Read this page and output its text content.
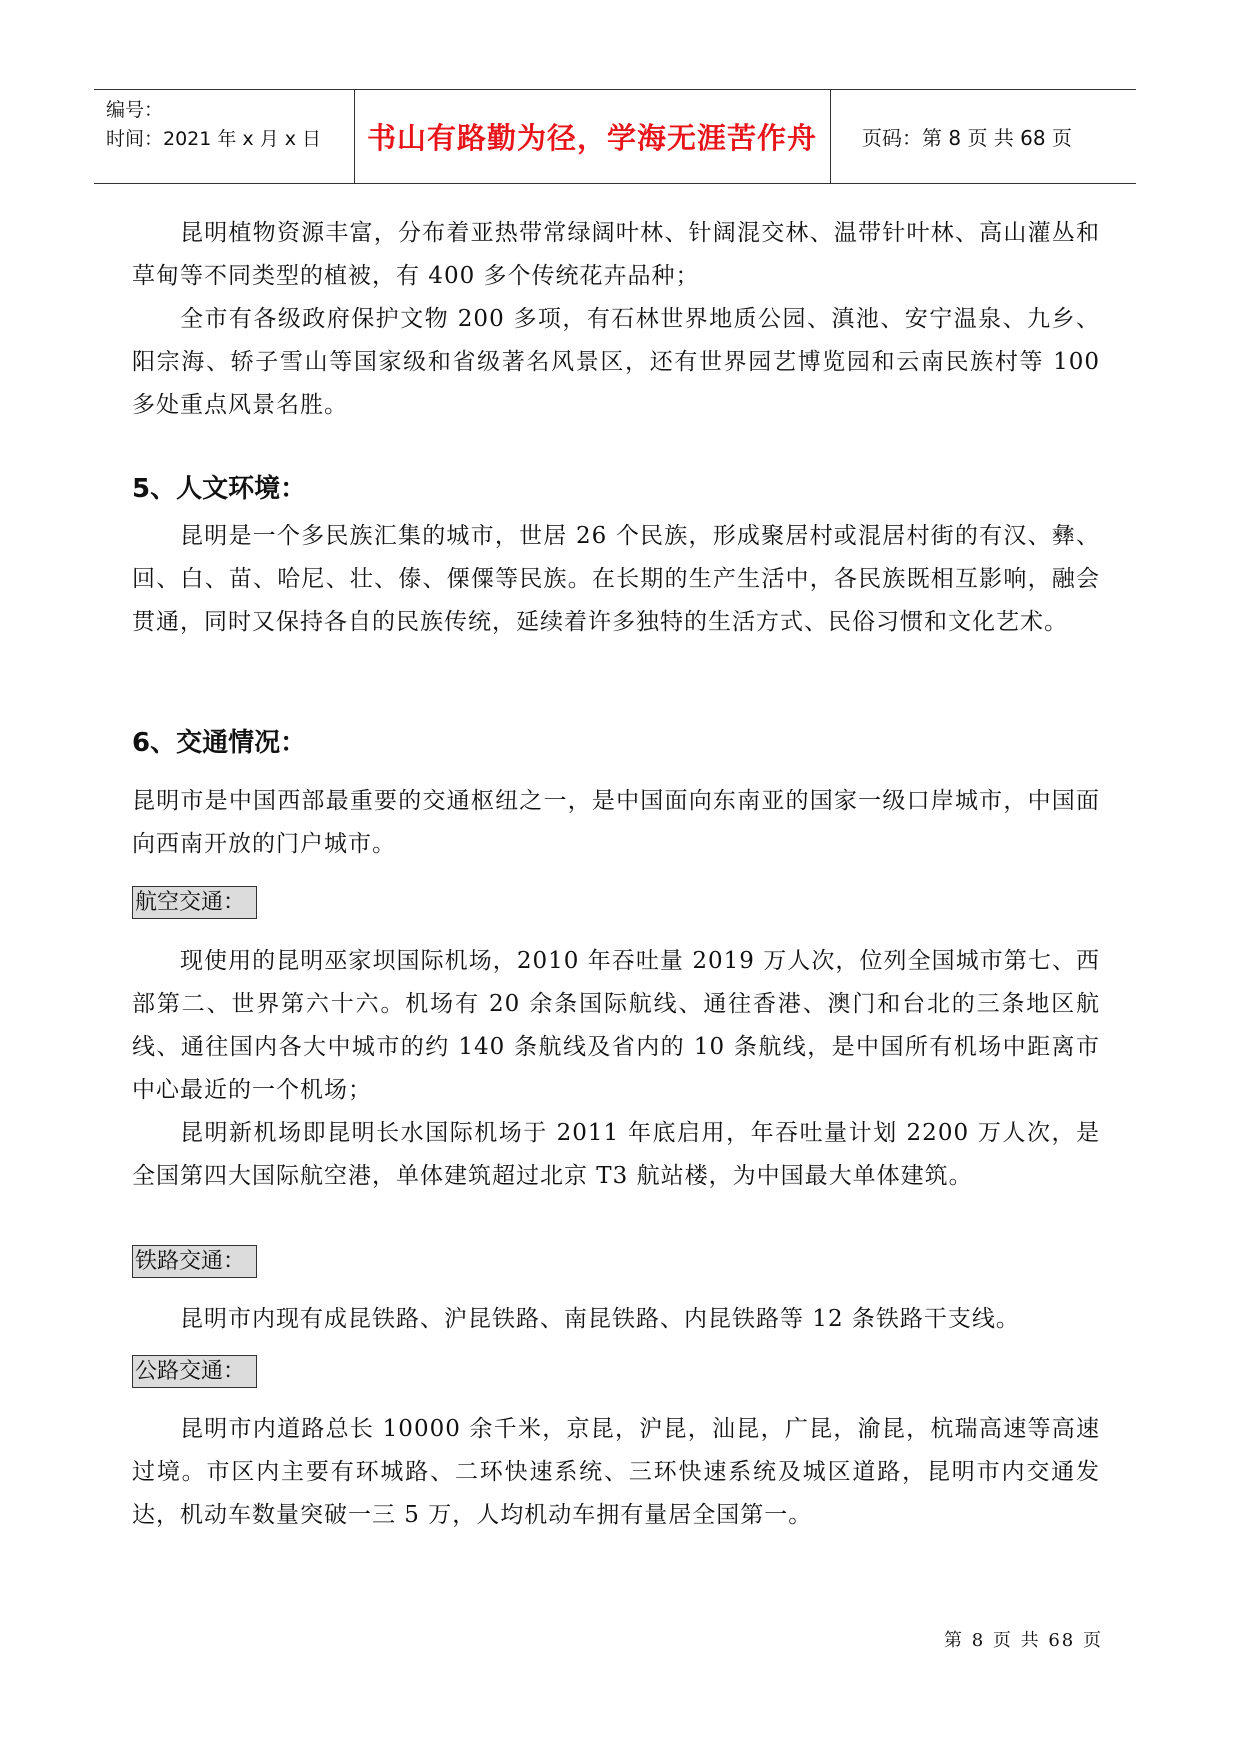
编号：
时间：2021 年 x 月 x 日	书山有路勤为径，学海无涯苦作舟	页码：第 8 页 共 68 页

昆明植物资源丰富，分布着亚热带常绿阔叶林、针阔混交林、温带针叶林、高山灌丛和草甸等不同类型的植被，有 400 多个传统花卉品种；

全市有各级政府保护文物 200 多项，有石林世界地质公园、滇池、安宁温泉、九乡、阳宗海、轿子雪山等国家级和省级著名风景区，还有世界园艺博览园和云南民族村等 100 多处重点风景名胜。

5、人文环境：

昆明是一个多民族汇集的城市，世居 26 个民族，形成聚居村或混居村街的有汉、彝、回、白、苗、哈尼、壮、傣、傈僳等民族。在长期的生产生活中，各民族既相互影响，融会贯通，同时又保持各自的民族传统，延续着许多独特的生活方式、民俗习惯和文化艺术。

6、交通情况：

昆明市是中国西部最重要的交通枢纽之一，是中国面向东南亚的国家一级口岸城市，中国面向西南开放的门户城市。

航空交通：

现使用的昆明巫家坝国际机场，2010 年吞吐量 2019 万人次，位列全国城市第七、西部第二、世界第六十六。机场有 20 余条国际航线、通往香港、澳门和台北的三条地区航线、通往国内各大中城市的约 140 条航线及省内的 10 条航线，是中国所有机场中距离市中心最近的一个机场；

昆明新机场即昆明长水国际机场于 2011 年底启用，年吞吐量计划 2200 万人次，是全国第四大国际航空港，单体建筑超过北京 T3 航站楼，为中国最大单体建筑。

铁路交通：

昆明市内现有成昆铁路、沪昆铁路、南昆铁路、内昆铁路等 12 条铁路干支线。

公路交通：

昆明市内道路总长 10000 余千米，京昆，沪昆，汕昆，广昆，渝昆，杭瑞高速等高速过境。市区内主要有环城路、二环快速系统、三环快速系统及城区道路，昆明市内交通发达，机动车数量突破一三 5 万，人均机动车拥有量居全国第一。

第 8 页 共 68 页
